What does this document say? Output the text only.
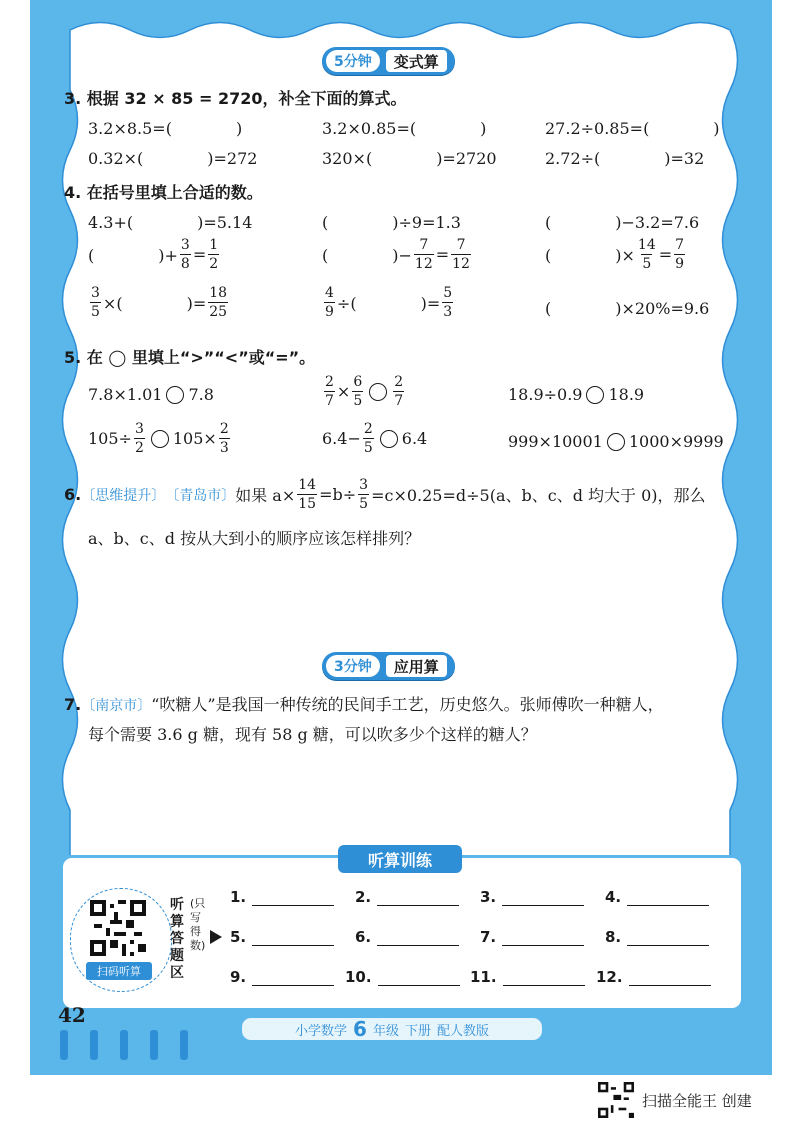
5分钟	变式算
3. 根据 32 × 85 = 2720，补全下面的算式。
3.2×8.5=(　　　　)	3.2×0.85=(　　　　)	27.2÷0.85=(　　　　)
0.32×(　　　　)=272	320×(　　　　)=2720	2.72÷(　　　　)=32
4. 在括号里填上合适的数。
4.3+(　　　　)=5.14	(　　　　)÷9=1.3	(　　　　)−3.2=7.6
(　　　　)+ $\frac{3}{8} = \frac{1}{2}$	(　　　　)− $\frac{7}{12} = \frac{7}{12}$	(　　　　)× $\frac{14}{5} = \frac{7}{9}$
$\frac{3}{5}$ ×(　　　　)= $\frac{18}{25}$	$\frac{4}{9}$ ÷(　　　　)= $\frac{5}{3}$	(　　　　)×20%=9.6
5. 在 ◯ 里填上“>”“<”或“=”。
7.8×1.01 7.8	$\frac{2}{7} \times \frac{6}{5} \frac{2}{7}$	18.9÷0.9 18.9
$105\div \frac{3}{2} 105\times \frac{2}{3}$	$6.4- \frac{2}{5} 6.4$	999×10001 1000×9999
6. 〔思维提升〕 〔青岛市〕 如果 $a\times \frac{14}{15} =b\div \frac{3}{5} =c\times 0.25=d\div 5(a$、b、c、d 均大于 0)，那么
a、b、c、d 按从大到小的顺序应该怎样排列？
3分钟	应用算
7.〔南京市〕“吹糖人”是我国一种传统的民间手工艺，历史悠久。张师傅吹一种糖人，
每个需要 3.6 g 糖，现有 58 g 糖，可以吹多少个这样的糖人？
听算训练
扫码听算
听算答题区
(只写得数)
1.	2.	3.	4.
5.	6.	7.	8.
9.	10.	11.	12.
42
小学数学 6 年级 下册 配人教版
扫描全能王 创建
